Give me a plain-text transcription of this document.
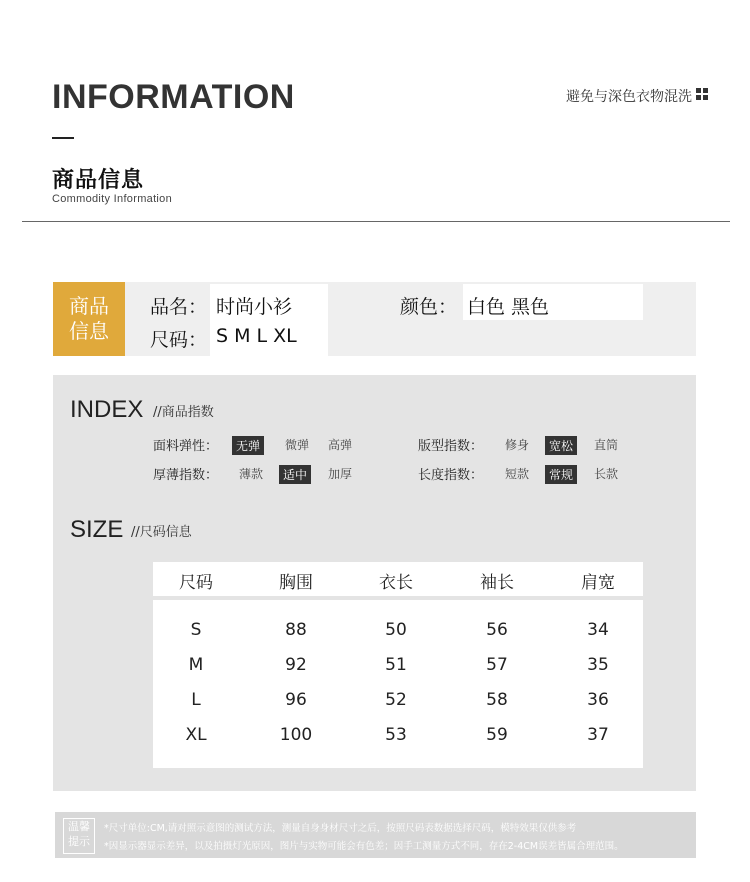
INFORMATION
商品信息
Commodity Information
避免与深色衣物混洗
商品
信息
品名： 时尚小衫
尺码： S M L XL
颜色： 白色 黑色
INDEX //商品指数
面料弹性：	无弹	微弹 高弹	版型指数： 修身	宽松	直筒
厚薄指数： 薄款	适中	加厚	长度指数： 短款	常规	长款
SIZE //尺码信息
尺码	胸围	衣长	袖长	肩宽
S	88	50	56	34
M	92	51	57	35
L	96	52	58	36
XL	100	53	59	37
温馨
提示
*尺寸单位:CM,请对照示意图的测试方法，测量自身身材尺寸之后，按照尺码表数据选择尺码，模特效果仅供参考
*因显示器显示差异，以及拍摄灯光原因，图片与实物可能会有色差；因手工测量方式不同，存在2-4CM误差皆属合理范围。
